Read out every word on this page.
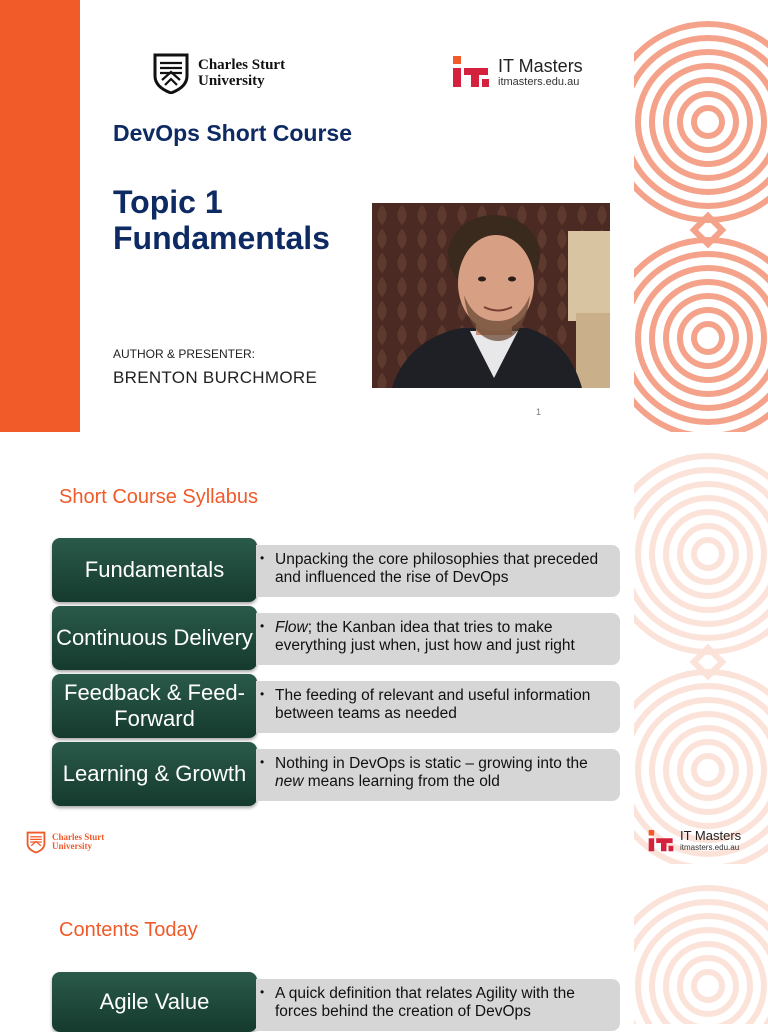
Charles Sturt
University
IT Masters
itmasters.edu.au
DevOps Short Course
Topic 1
Fundamentals
AUTHOR & PRESENTER:
BRENTON BURCHMORE
1
Short Course Syllabus
Fundamentals	• Unpacking the core philosophies that preceded and influenced the rise of DevOps
Continuous Delivery • Flow; the Kanban idea that tries to make everything just when, just how and just right
Feedback & Feed-Forward
• The feeding of relevant and useful information between teams as needed
Learning & Growth	• Nothing in DevOps is static – growing into the new means learning from the old
Charles Sturt
University
IT Masters
itmasters.edu.au
Contents Today
Agile Value	• A quick definition that relates Agility with the forces behind the creation of DevOps
